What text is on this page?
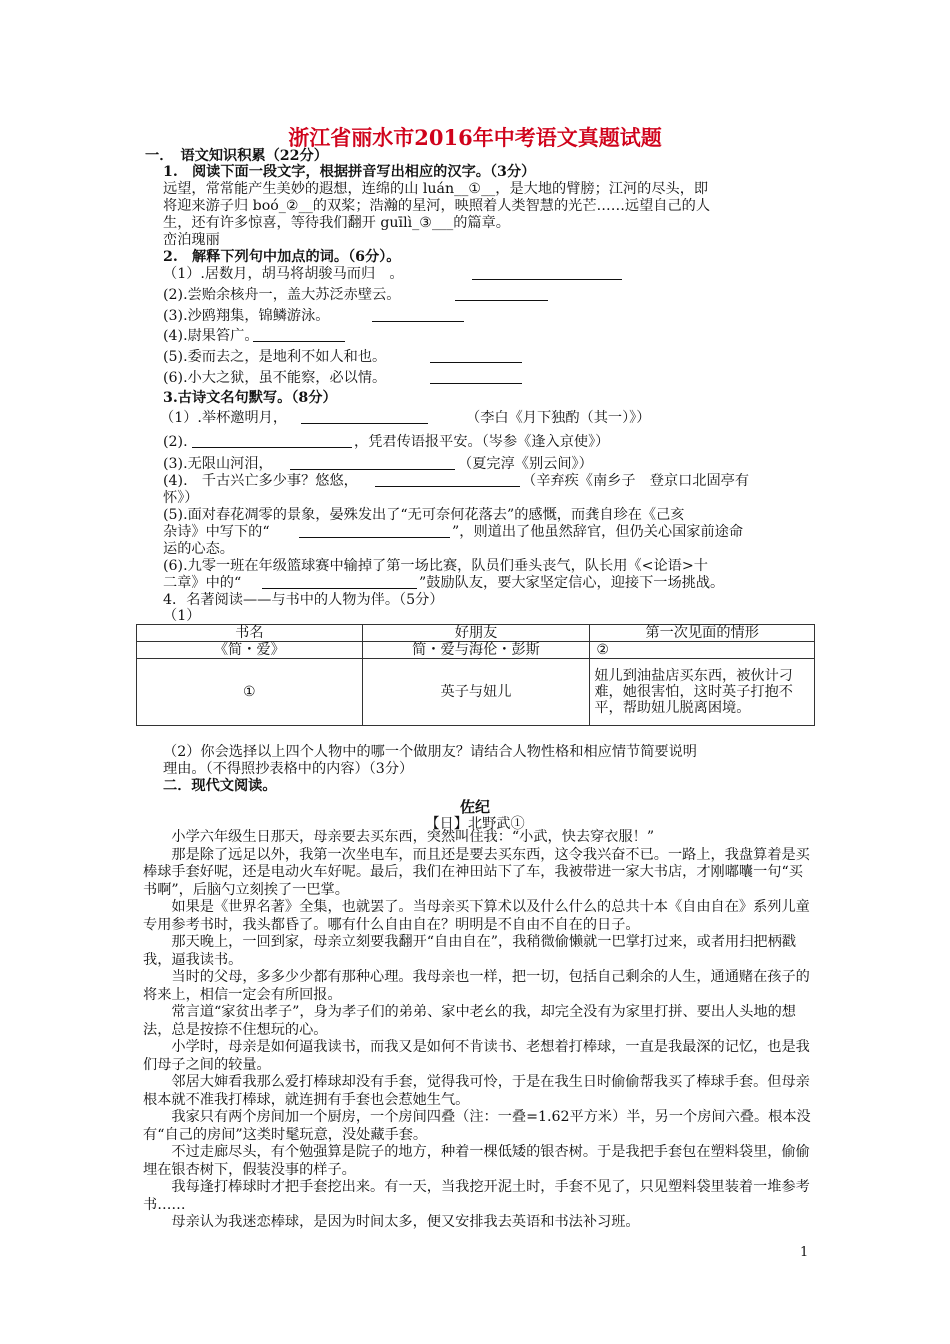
浙江省丽水市2016年中考语文真题试题
一．　语文知识积累（22分）
1.　阅读下面一段文字，根据拼音写出相应的汉字。（3分）
远望，常常能产生美妙的遐想，连绵的山 luán__①__，是大地的臂膀；江河的尽头，即
将迎来游子归 boó_②__的双桨；浩瀚的星河，映照着人类智慧的光芒……远望自己的人
生，还有许多惊喜，等待我们翻开 guīlì_③___的篇章。
峦泊瑰丽
2.　解释下列句中加点的词。（6分）。
（1）.居数月，胡马将胡骏马而归　。
(2).尝贻余核舟一，盖大苏泛赤壁云。
(3).沙鸥翔集，锦鳞游泳。
(4).尉果笞广。
(5).委而去之，是地利不如人和也。
(6).小大之狱，虽不能察，必以情。
3.古诗文名句默写。（8分）
（1）.举杯邀明月，	（李白《月下独酌（其一）》）
(2).	，凭君传语报平安。（岑参《逢入京使》）
(3).无限山河泪，	（夏完淳《别云间》）
(4).　千古兴亡多少事？悠悠，	（辛弃疾《南乡子　登京口北固亭有
怀》）
(5).面对春花凋零的景象，晏殊发出了“无可奈何花落去”的感慨，而龚自珍在《己亥
杂诗》中写下的“	”，则道出了他虽然辞官，但仍关心国家前途命
运的心态。
(6).九零一班在年级篮球赛中输掉了第一场比赛，队员们垂头丧气，队长用《<论语>十
二章》中的“	”鼓励队友，要大家坚定信心，迎接下一场挑战。
4．名著阅读——与书中的人物为伴。（5分）
（1）
书名	好朋友	第一次见面的情形
《简・爱》	简・爱与海伦・彭斯	②
①	英子与妞儿	妞儿到油盐店买东西，被伙计刁难，她很害怕，这时英子打抱不平，帮助妞儿脱离困境。
（2）你会选择以上四个人物中的哪一个做朋友？请结合人物性格和相应情节简要说明
理由。（不得照抄表格中的内容）（3分）
二．现代文阅读。
佐纪
【日】北野武①

小学六年级生日那天，母亲要去买东西，突然叫住我：“小武，快去穿衣服！”

那是除了远足以外，我第一次坐电车，而且还是要去买东西，这令我兴奋不已。一路上，我盘算着是买棒球手套好呢，还是电动火车好呢。最后，我们在神田站下了车，我被带进一家大书店，才刚嘟囔一句“买书啊”，后脑勺立刻挨了一巴掌。

如果是《世界名著》全集，也就罢了。当母亲买下算术以及什么什么的总共十本《自由自在》系列儿童专用参考书时，我头都昏了。哪有什么自由自在？明明是不自由不自在的日子。

那天晚上，一回到家，母亲立刻要我翻开“自由自在”，我稍微偷懒就一巴掌打过来，或者用扫把柄戳我，逼我读书。

当时的父母，多多少少都有那种心理。我母亲也一样，把一切，包括自己剩余的人生，通通赌在孩子的将来上，相信一定会有所回报。

常言道“家贫出孝子”，身为孝子们的弟弟、家中老幺的我，却完全没有为家里打拼、要出人头地的想法，总是按捺不住想玩的心。

小学时，母亲是如何逼我读书，而我又是如何不肯读书、老想着打棒球，一直是我最深的记忆，也是我们母子之间的较量。

邻居大婶看我那么爱打棒球却没有手套，觉得我可怜，于是在我生日时偷偷帮我买了棒球手套。但母亲根本就不准我打棒球，就连拥有手套也会惹她生气。

我家只有两个房间加一个厨房，一个房间四叠（注：一叠=1.62平方米）半，另一个房间六叠。根本没有“自己的房间”这类时髦玩意，没处藏手套。

不过走廊尽头，有个勉强算是院子的地方，种着一棵低矮的银杏树。于是我把手套包在塑料袋里，偷偷埋在银杏树下，假装没事的样子。

我每逢打棒球时才把手套挖出来。有一天，当我挖开泥土时，手套不见了，只见塑料袋里装着一堆参考书……

母亲认为我迷恋棒球，是因为时间太多，便又安排我去英语和书法补习班。

1
